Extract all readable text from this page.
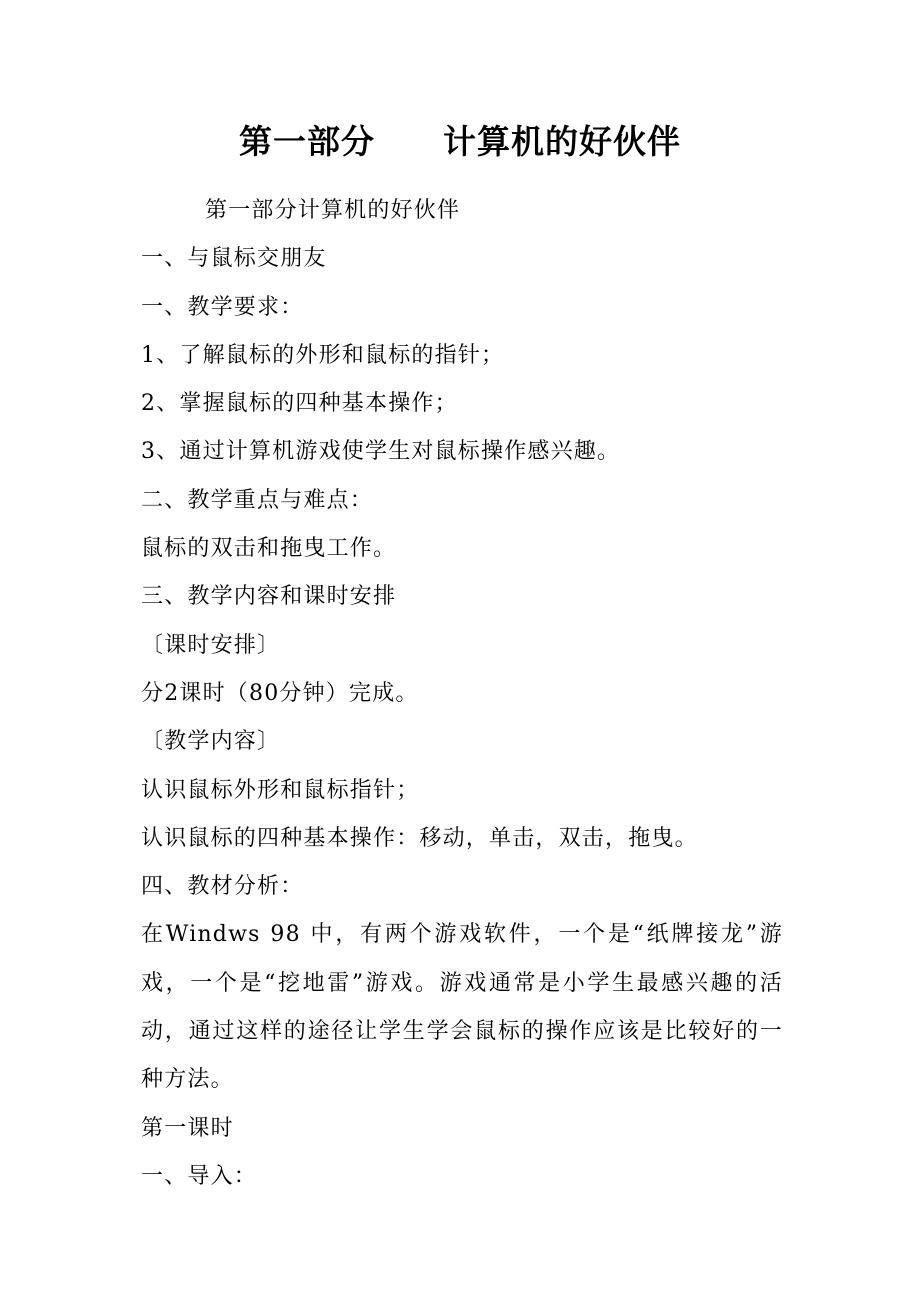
第一部分　　计算机的好伙伴
第一部分计算机的好伙伴
一、与鼠标交朋友
一、教学要求：
1、了解鼠标的外形和鼠标的指针；
2、掌握鼠标的四种基本操作；
3、通过计算机游戏使学生对鼠标操作感兴趣。
二、教学重点与难点：
鼠标的双击和拖曳工作。
三、教学内容和课时安排
〔课时安排〕
分2课时（80分钟）完成。
〔教学内容〕
认识鼠标外形和鼠标指针；
认识鼠标的四种基本操作：移动，单击，双击，拖曳。
四、教材分析：
在Windws 98 中，有两个游戏软件，一个是“纸牌接龙”游戏，一个是“挖地雷”游戏。游戏通常是小学生最感兴趣的活动，通过这样的途径让学生学会鼠标的操作应该是比较好的一种方法。
第一课时
一、导入：
